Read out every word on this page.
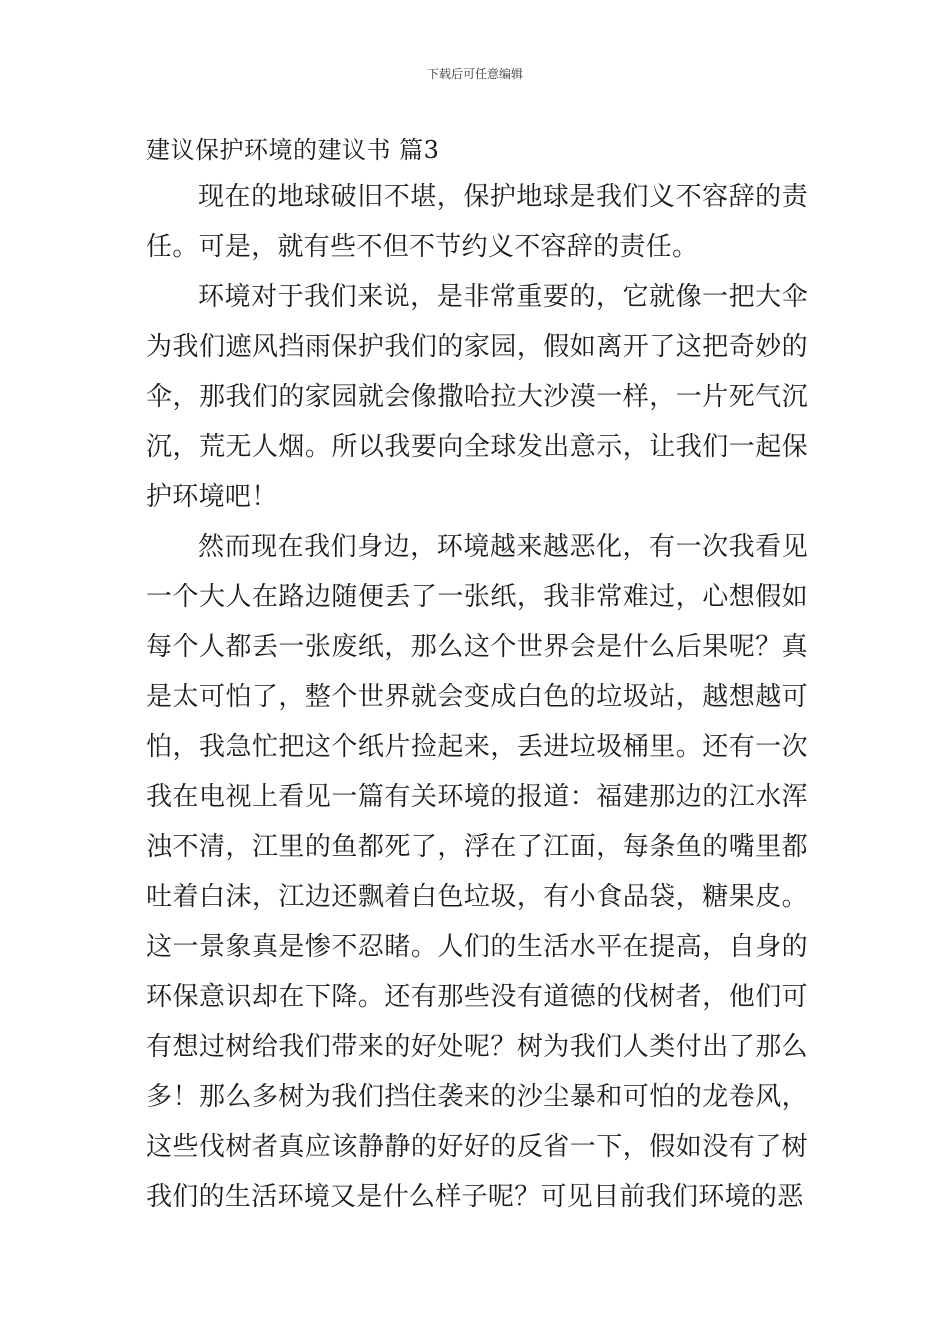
下载后可任意编辑
建议保护环境的建议书 篇3

现在的地球破旧不堪，保护地球是我们义不容辞的责任。可是，就有些不但不节约义不容辞的责任。

环境对于我们来说，是非常重要的，它就像一把大伞为我们遮风挡雨保护我们的家园，假如离开了这把奇妙的伞，那我们的家园就会像撒哈拉大沙漠一样，一片死气沉沉，荒无人烟。所以我要向全球发出意示，让我们一起保护环境吧！

然而现在我们身边，环境越来越恶化，有一次我看见一个大人在路边随便丢了一张纸，我非常难过，心想假如每个人都丢一张废纸，那么这个世界会是什么后果呢？真是太可怕了，整个世界就会变成白色的垃圾站，越想越可怕，我急忙把这个纸片捡起来，丢进垃圾桶里。还有一次我在电视上看见一篇有关环境的报道：福建那边的江水浑浊不清，江里的鱼都死了，浮在了江面，每条鱼的嘴里都吐着白沫，江边还飘着白色垃圾，有小食品袋，糖果皮。这一景象真是惨不忍睹。人们的生活水平在提高，自身的环保意识却在下降。还有那些没有道德的伐树者，他们可有想过树给我们带来的好处呢？树为我们人类付出了那么多！那么多树为我们挡住袭来的沙尘暴和可怕的龙卷风，这些伐树者真应该静静的好好的反省一下，假如没有了树我们的生活环境又是什么样子呢？可见目前我们环境的恶
